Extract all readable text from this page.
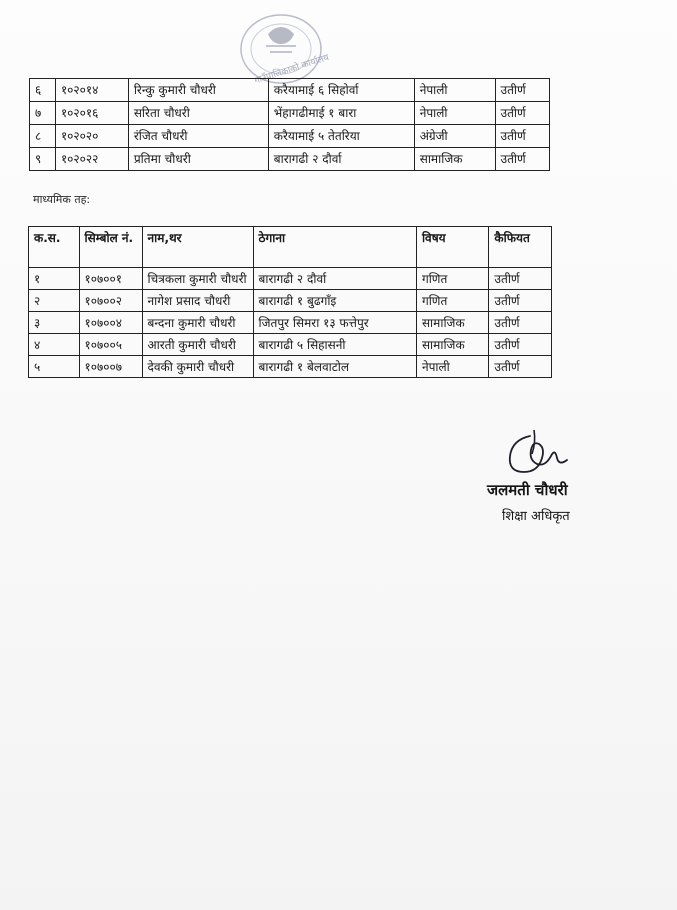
गाउँपालिकाको कार्यालय
६	१०२०१४	रिन्कु कुमारी चौधरी	करैयामाई ६ सिहोर्वा	नेपाली	उतीर्ण
७	१०२०१६	सरिता चौधरी	भेंहागढीमाई १ बारा	नेपाली	उतीर्ण
८	१०२०२०	रंजित चौधरी	करैयामाई ५ तेतरिया	अंग्रेजी	उतीर्ण
९	१०२०२२	प्रतिमा चौधरी	बारागढी २ दौर्वा	सामाजिक	उतीर्ण
माध्यमिक तह:
क.स.	सिम्बोल नं.	नाम,थर	ठेगाना	विषय	कैफियत
१	१०७००१	चित्रकला कुमारी चौधरी	बारागढी २ दौर्वा	गणित	उतीर्ण
२	१०७००२	नागेश प्रसाद चौधरी	बारागढी १ बुढगाँइ	गणित	उतीर्ण
३	१०७००४	बन्दना कुमारी चौधरी	जितपुर सिमरा १३ फत्तेपुर	सामाजिक	उतीर्ण
४	१०७००५	आरती कुमारी चौधरी	बारागढी ५ सिहासनी	सामाजिक	उतीर्ण
५	१०७००७	देवकी कुमारी चौधरी	बारागढी १ बेलवाटोल	नेपाली	उतीर्ण
जलमती चौधरी
शिक्षा अधिकृत
